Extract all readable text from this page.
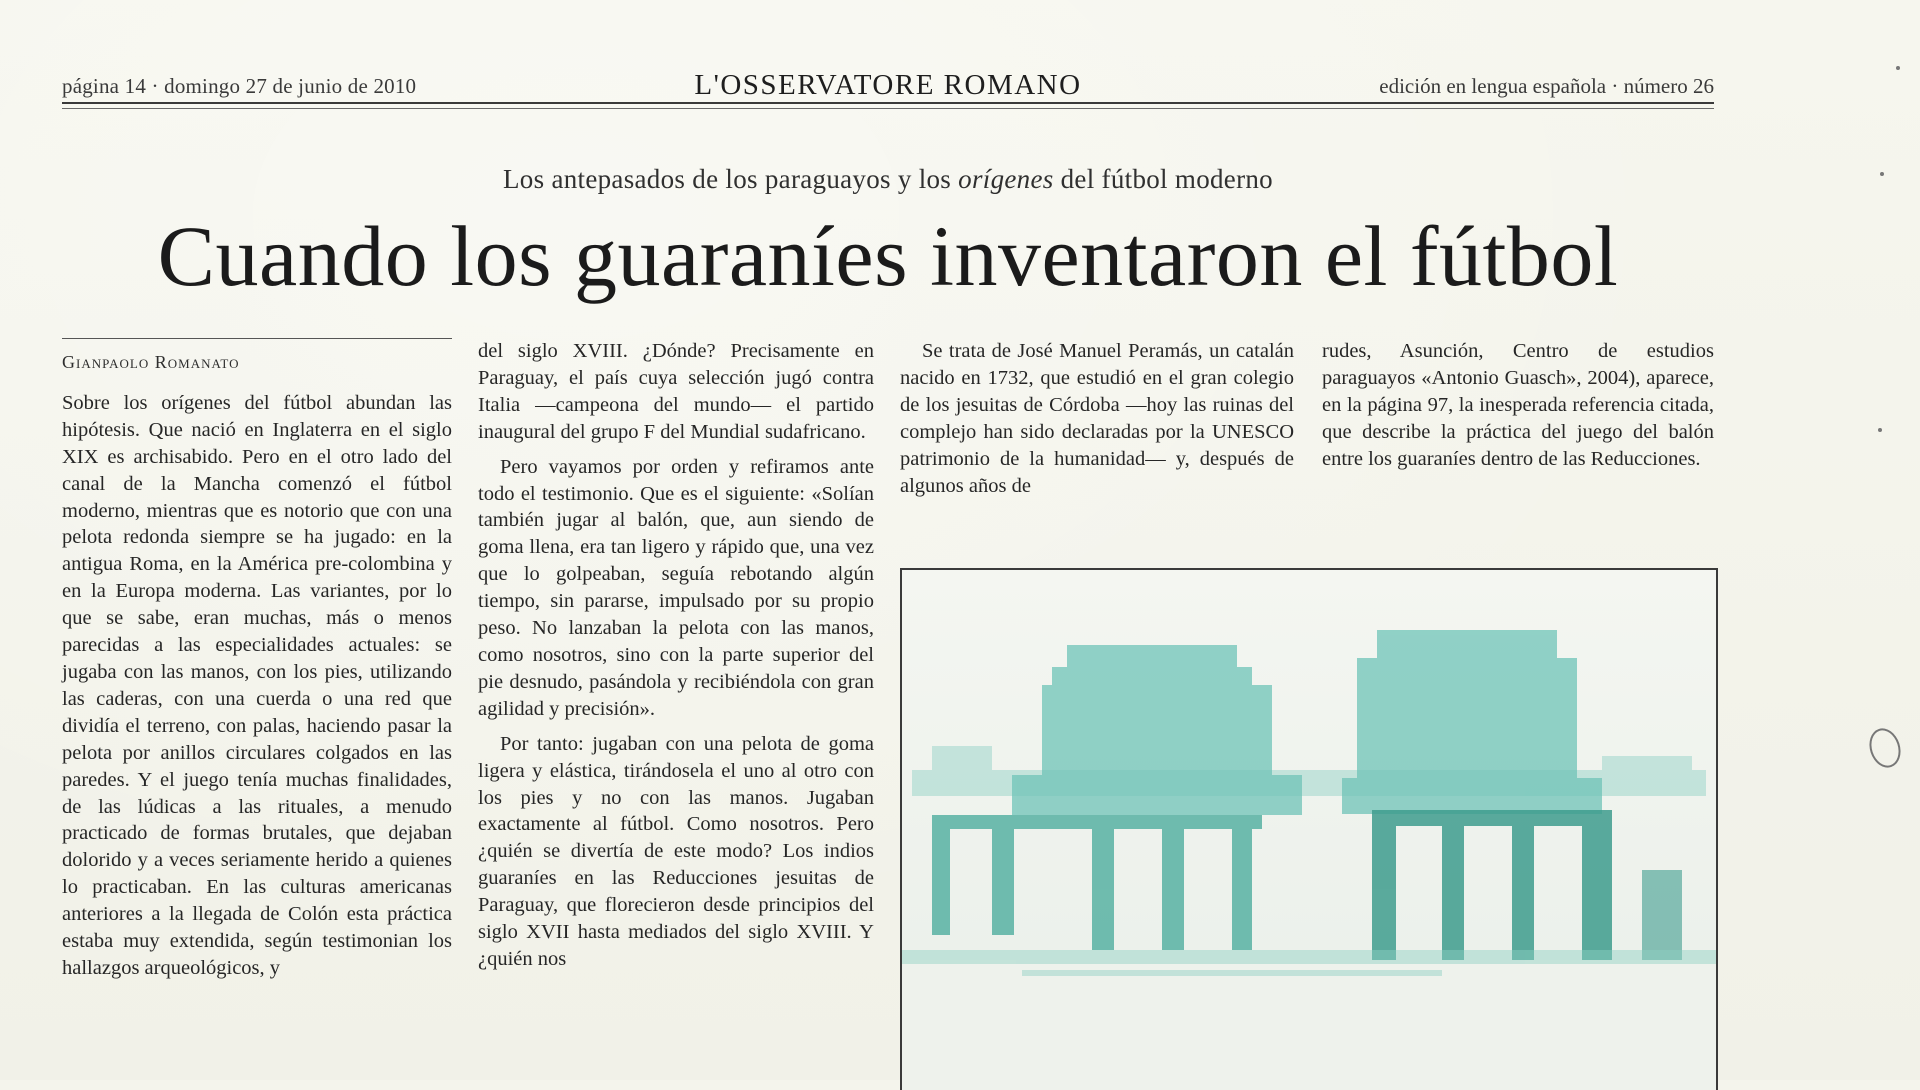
página 14 · domingo 27 de junio de 2010	L'OSSERVATORE ROMANO	edición en lengua española · número 26
Los antepasados de los paraguayos y los orígenes del fútbol moderno
Cuando los guaraníes inventaron el fútbol
Gianpaolo Romanato

Sobre los orígenes del fútbol abundan las hipótesis. Que nació en Inglaterra en el siglo XIX es archisabido. Pero en el otro lado del canal de la Mancha comenzó el fútbol moderno, mientras que es notorio que con una pelota redonda siempre se ha jugado: en la antigua Roma, en la América pre-colombina y en la Europa moderna. Las variantes, por lo que se sabe, eran muchas, más o menos parecidas a las especialidades actuales: se jugaba con las manos, con los pies, utilizando las caderas, con una cuerda o una red que dividía el terreno, con palas, haciendo pasar la pelota por anillos circulares colgados en las paredes. Y el juego tenía muchas finalidades, de las lúdicas a las rituales, a menudo practicado de formas brutales, que dejaban dolorido y a veces seriamente herido a quienes lo practicaban. En las culturas americanas anteriores a la llegada de Colón esta práctica estaba muy extendida, según testimonian los hallazgos arqueológicos, y

del siglo XVIII. ¿Dónde? Precisamente en Paraguay, el país cuya selección jugó contra Italia —campeona del mundo— el partido inaugural del grupo F del Mundial sudafricano.

Pero vayamos por orden y refiramos ante todo el testimonio. Que es el siguiente: «Solían también jugar al balón, que, aun siendo de goma llena, era tan ligero y rápido que, una vez que lo golpeaban, seguía rebotando algún tiempo, sin pararse, impulsado por su propio peso. No lanzaban la pelota con las manos, como nosotros, sino con la parte superior del pie desnudo, pasándola y recibiéndola con gran agilidad y precisión».

Por tanto: jugaban con una pelota de goma ligera y elástica, tirándosela el uno al otro con los pies y no con las manos. Jugaban exactamente al fútbol. Como nosotros. Pero ¿quién se divertía de este modo? Los indios guaraníes en las Reducciones jesuitas de Paraguay, que florecieron desde principios del siglo XVII hasta mediados del siglo XVIII. Y ¿quién nos

Se trata de José Manuel Peramás, un catalán nacido en 1732, que estudió en el gran colegio de los jesuitas de Córdoba —hoy las ruinas del complejo han sido declaradas por la UNESCO patrimonio de la humanidad— y, después de algunos años de

rudes, Asunción, Centro de estudios paraguayos «Antonio Guasch», 2004), aparece, en la página 97, la inesperada referencia citada, que describe la práctica del juego del balón entre los guaraníes dentro de las Reducciones.
